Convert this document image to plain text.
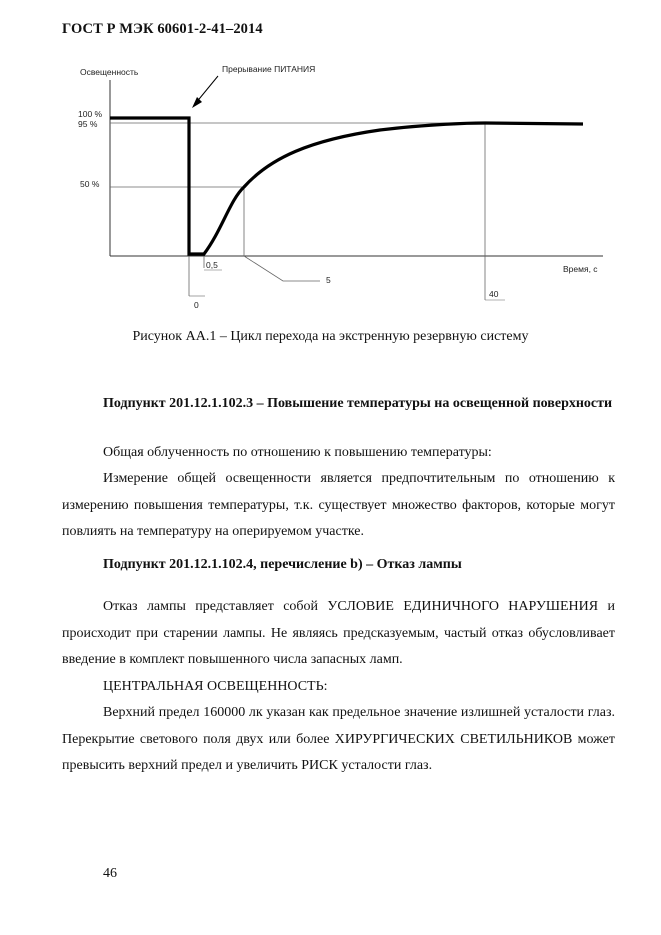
ГОСТ Р МЭК 60601-2-41–2014
Освещенность	Прерывание ПИТАНИЯ
100 %
95 %
50 %
Время, с
0,5
5
0
40
Рисунок АА.1 – Цикл перехода на экстренную резервную систему

Подпункт 201.12.1.102.3 – Повышение температуры на освещенной поверхности

Общая облученность по отношению к повышению температуры:

Измерение общей освещенности является предпочтительным по отношению к измерению повышения температуры, т.к. существует множество факторов, которые могут повлиять на температуру на оперируемом участке.

Подпункт 201.12.1.102.4, перечисление b) – Отказ лампы

Отказ лампы представляет собой УСЛОВИЕ ЕДИНИЧНОГО НАРУШЕНИЯ и происходит при старении лампы. Не являясь предсказуемым, частый отказ обусловливает введение в комплект повышенного числа запасных ламп.

ЦЕНТРАЛЬНАЯ ОСВЕЩЕННОСТЬ:

Верхний предел 160000 лк указан как предельное значение излишней усталости глаз. Перекрытие светового поля двух или более ХИРУРГИЧЕСКИХ СВЕТИЛЬНИКОВ может превысить верхний предел и увеличить РИСК усталости глаз.

46
